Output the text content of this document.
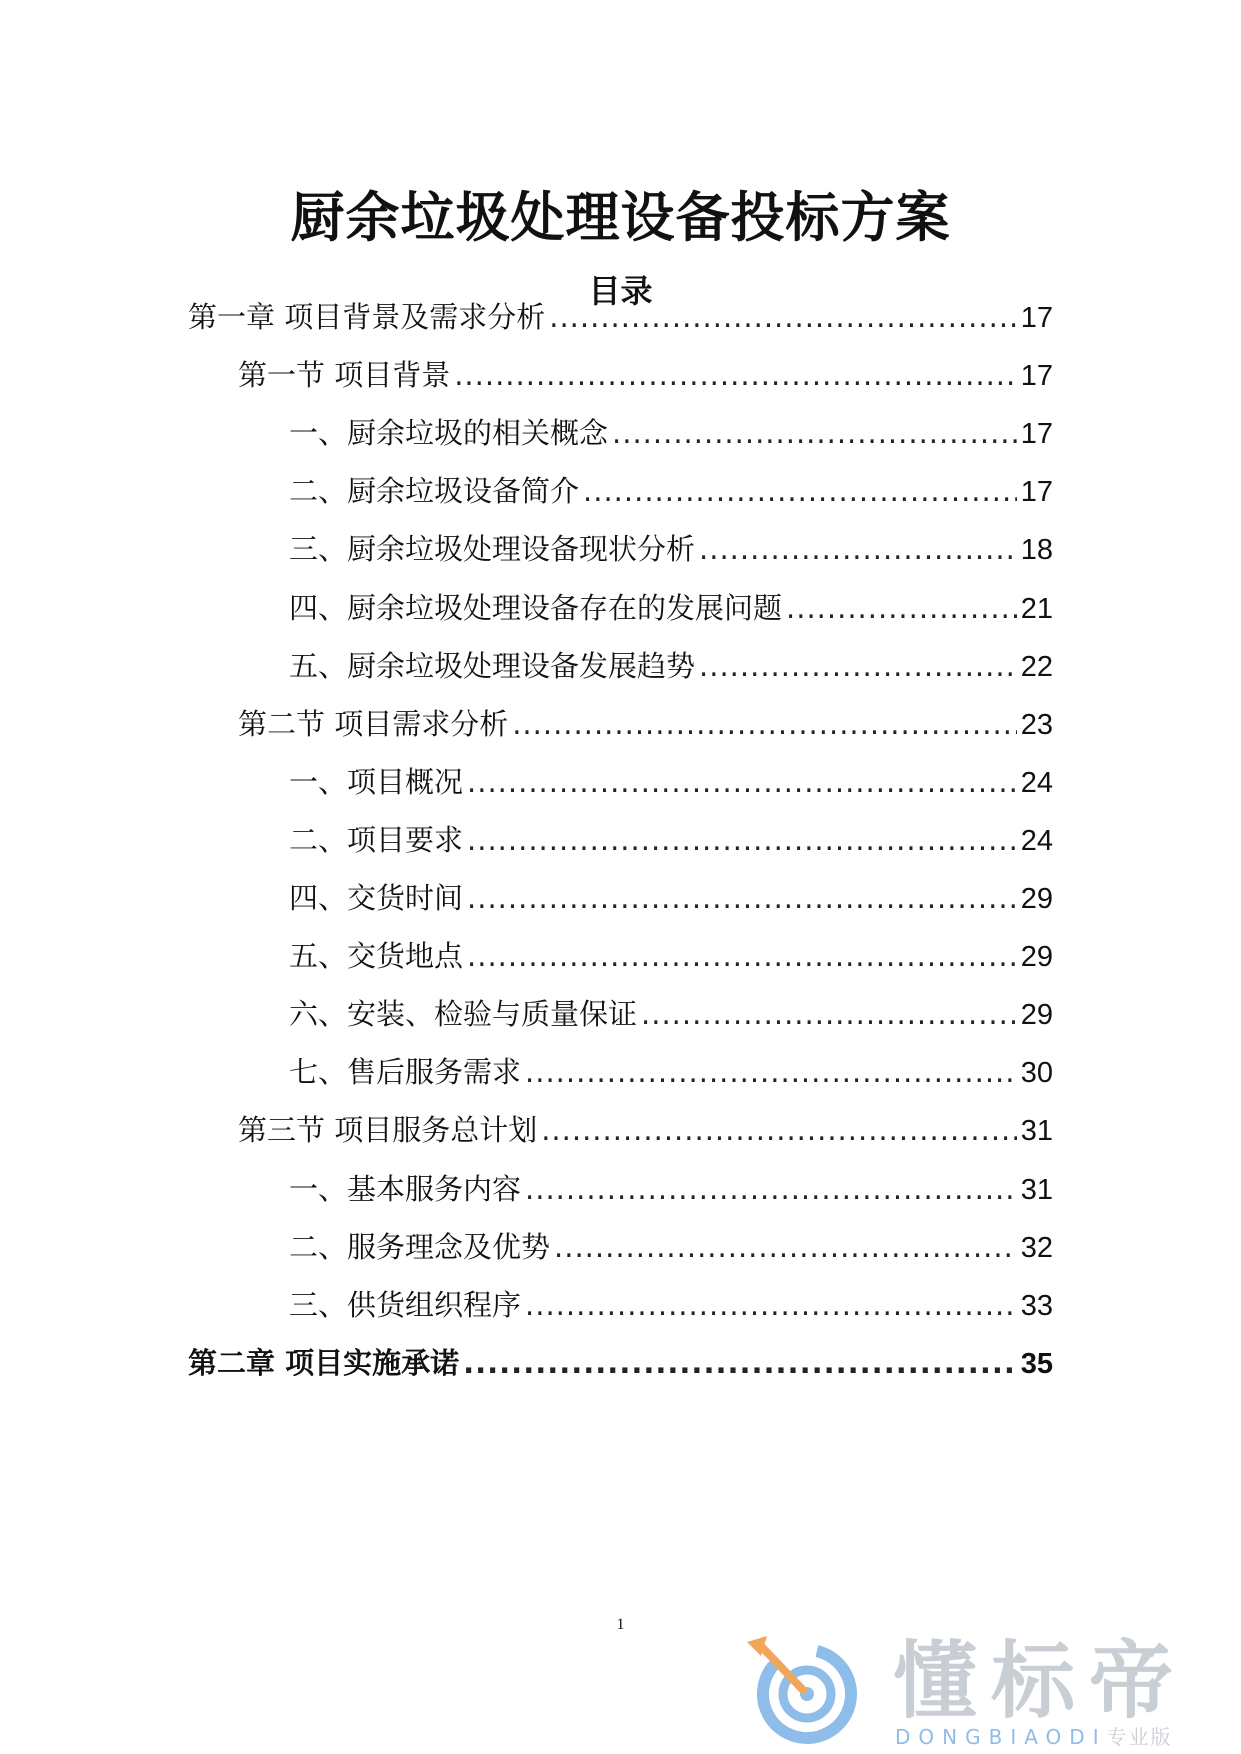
厨余垃圾处理设备投标方案
目录
第一章 项目背景及需求分析 .....	17
第一节 项目背景 .....	17
一、厨余垃圾的相关概念 .....	17
二、厨余垃圾设备简介 .....	17
三、厨余垃圾处理设备现状分析 .....	18
四、厨余垃圾处理设备存在的发展问题 .....	21
五、厨余垃圾处理设备发展趋势 .....	22
第二节 项目需求分析 .....	23
一、项目概况 .....	24
二、项目要求 .....	24
四、交货时间 .....	29
五、交货地点 .....	29
六、安装、检验与质量保证 .....	29
七、售后服务需求 .....	30
第三节 项目服务总计划 .....	31
一、基本服务内容 .....	31
二、服务理念及优势 .....	32
三、供货组织程序 .....	33
第二章 项目实施承诺 .....	35
1
懂标帝
DONGBIAODI专业版
